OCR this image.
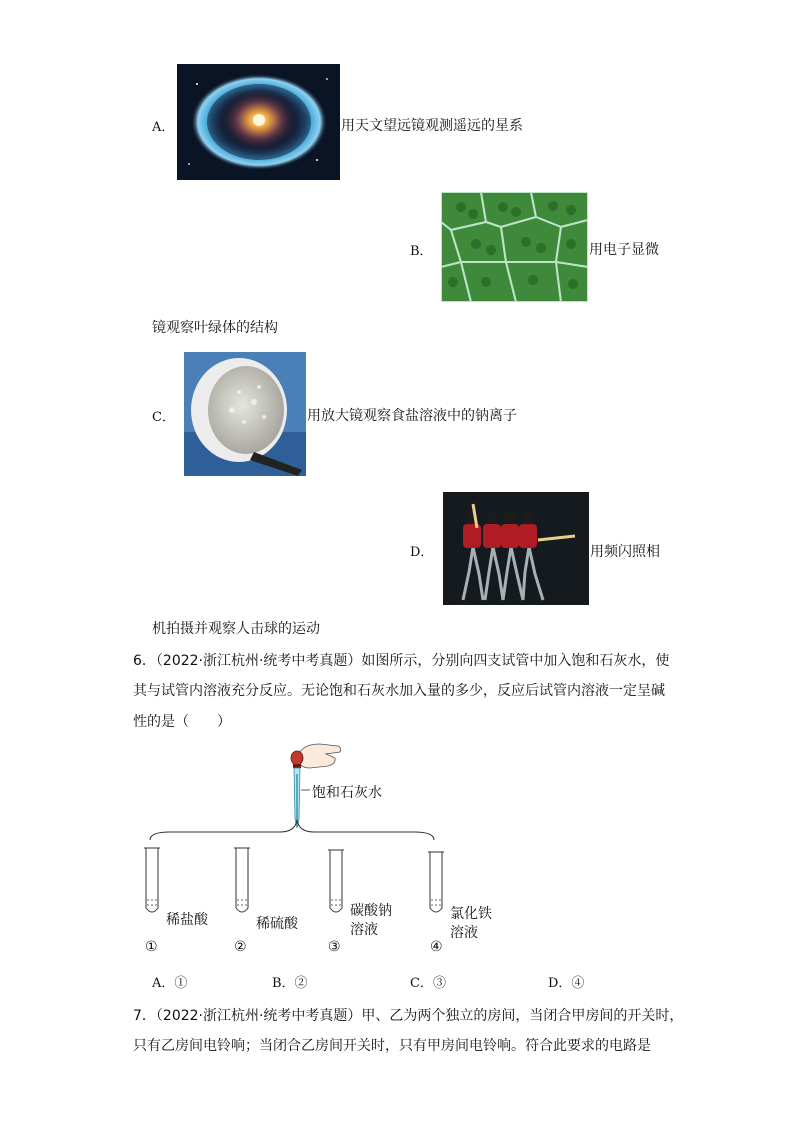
A．	用天文望远镜观测遥远的星系
B．	用电子显微
镜观察叶绿体的结构
C．	用放大镜观察食盐溶液中的钠离子
D．	用频闪照相
机拍摄并观察人击球的运动
6．（2022·浙江杭州·统考中考真题）如图所示，分别向四支试管中加入饱和石灰水，使
其与试管内溶液充分反应。无论饱和石灰水加入量的多少，反应后试管内溶液一定呈碱
性的是（　　）
饱和石灰水
稀盐酸	稀硫酸
碳酸钠
溶液
氯化铁
溶液
①	②	③	④
A．①	B．②	C．③	D．④
7．（2022·浙江杭州·统考中考真题）甲、乙为两个独立的房间，当闭合甲房间的开关时，
只有乙房间电铃响；当闭合乙房间开关时，只有甲房间电铃响。符合此要求的电路是
